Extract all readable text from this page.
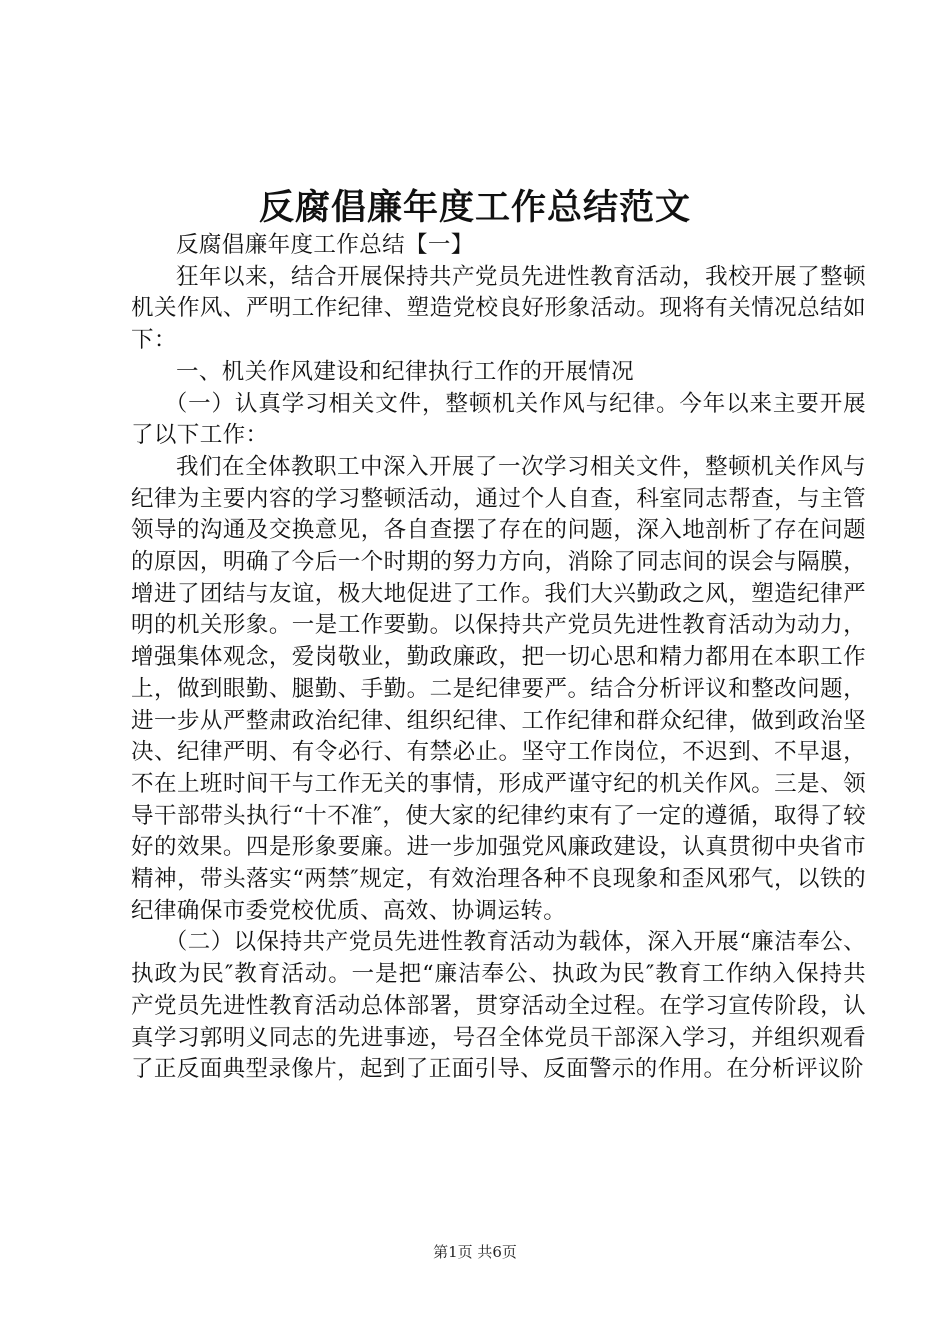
反腐倡廉年度工作总结范文

反腐倡廉年度工作总结【一】

狂年以来，结合开展保持共产党员先进性教育活动，我校开展了整顿机关作风、严明工作纪律、塑造党校良好形象活动。现将有关情况总结如下：

一、机关作风建设和纪律执行工作的开展情况

（一）认真学习相关文件，整顿机关作风与纪律。今年以来主要开展了以下工作：

我们在全体教职工中深入开展了一次学习相关文件，整顿机关作风与纪律为主要内容的学习整顿活动，通过个人自查，科室同志帮查，与主管领导的沟通及交换意见，各自查摆了存在的问题，深入地剖析了存在问题的原因，明确了今后一个时期的努力方向，消除了同志间的误会与隔膜，增进了团结与友谊，极大地促进了工作。我们大兴勤政之风，塑造纪律严明的机关形象。一是工作要勤。以保持共产党员先进性教育活动为动力，增强集体观念，爱岗敬业，勤政廉政，把一切心思和精力都用在本职工作上，做到眼勤、腿勤、手勤。二是纪律要严。结合分析评议和整改问题，进一步从严整肃政治纪律、组织纪律、工作纪律和群众纪律，做到政治坚决、纪律严明、有令必行、有禁必止。坚守工作岗位，不迟到、不早退，不在上班时间干与工作无关的事情，形成严谨守纪的机关作风。三是、领导干部带头执行“十不准″，使大家的纪律约束有了一定的遵循，取得了较好的效果。四是形象要廉。进一步加强党风廉政建设，认真贯彻中央省市精神，带头落实“两禁″规定，有效治理各种不良现象和歪风邪气，以铁的纪律确保市委党校优质、高效、协调运转。

（二）以保持共产党员先进性教育活动为载体，深入开展“廉洁奉公、执政为民″教育活动。一是把“廉洁奉公、执政为民″教育工作纳入保持共产党员先进性教育活动总体部署，贯穿活动全过程。在学习宣传阶段，认真学习郭明义同志的先进事迹，号召全体党员干部深入学习，并组织观看了正反面典型录像片，起到了正面引导、反面警示的作用。在分析评议阶

第1页 共6页
